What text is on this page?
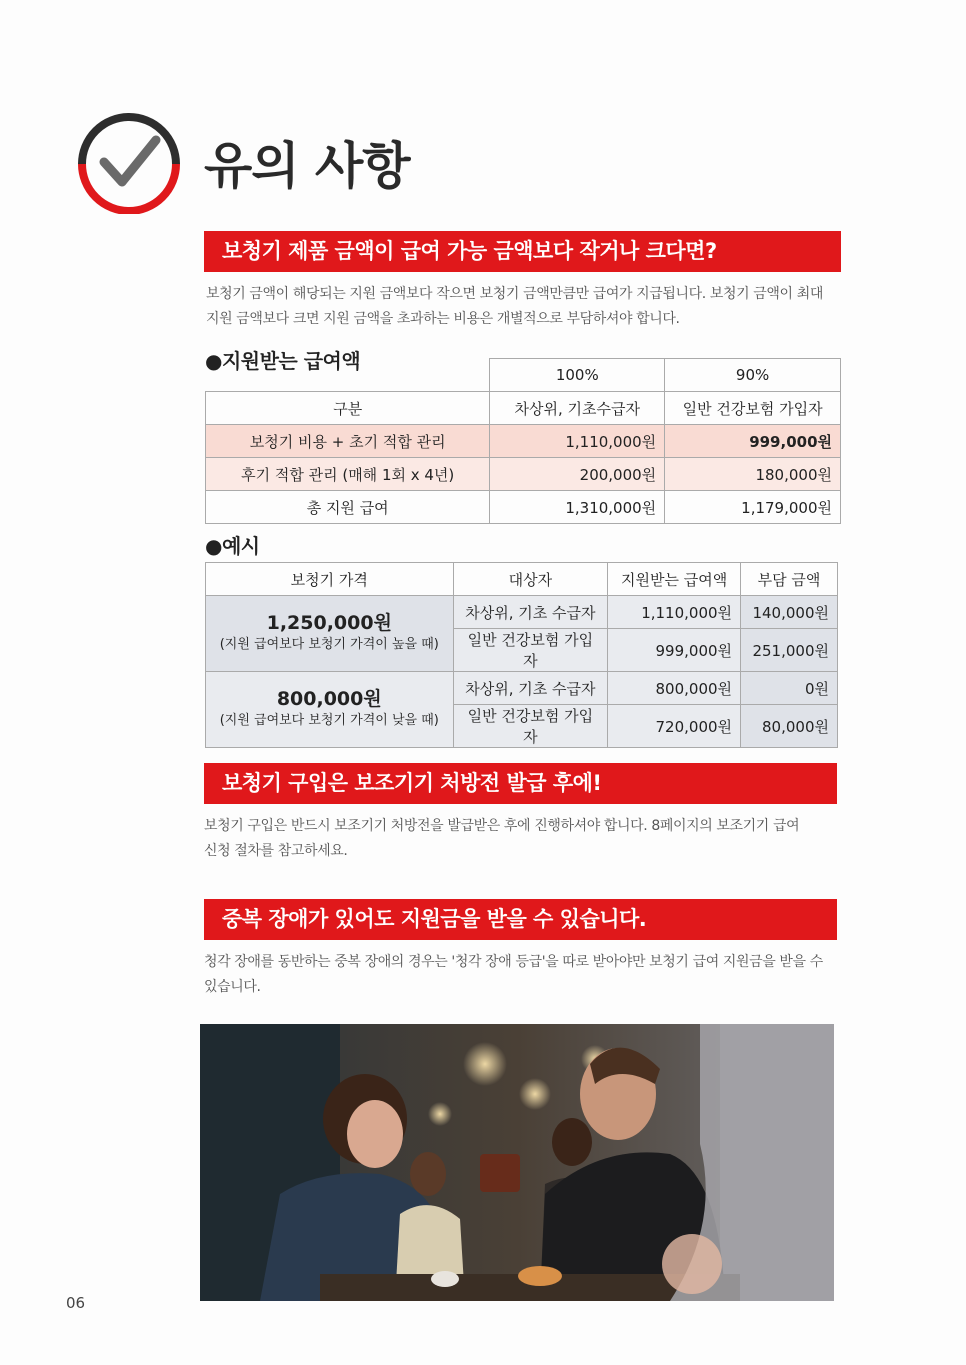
유의 사항
보청기 제품 금액이 급여 가능 금액보다 작거나 크다면?
보청기 금액이 해당되는 지원 금액보다 작으면 보청기 금액만큼만 급여가 지급됩니다. 보청기 금액이 최대
지원 금액보다 크면 지원 금액을 초과하는 비용은 개별적으로 부담하셔야 합니다.
●지원받는 급여액
	100%	90%
구분	차상위, 기초수급자	일반 건강보험 가입자
보청기 비용 + 초기 적합 관리	1,110,000원	999,000원
후기 적합 관리 (매해 1회 x 4년)	200,000원	180,000원
총 지원 급여	1,310,000원	1,179,000원
●예시
보청기 가격	대상자	지원받는 급여액	부담 금액

1,250,000원
(지원 급여보다 보청기 가격이 높을 때)	차상위, 기초 수급자	1,110,000원	140,000원
	일반 건강보험 가입자	999,000원	251,000원

800,000원
(지원 급여보다 보청기 가격이 낮을 때)	차상위, 기초 수급자	800,000원	0원
	일반 건강보험 가입자	720,000원	80,000원
보청기 구입은 보조기기 처방전 발급 후에!
보청기 구입은 반드시 보조기기 처방전을 발급받은 후에 진행하셔야 합니다. 8페이지의 보조기기 급여
신청 절차를 참고하세요.
중복 장애가 있어도 지원금을 받을 수 있습니다.
청각 장애를 동반하는 중복 장애의 경우는 '청각 장애 등급'을 따로 받아야만 보청기 급여 지원금을 받을 수
있습니다.
06
